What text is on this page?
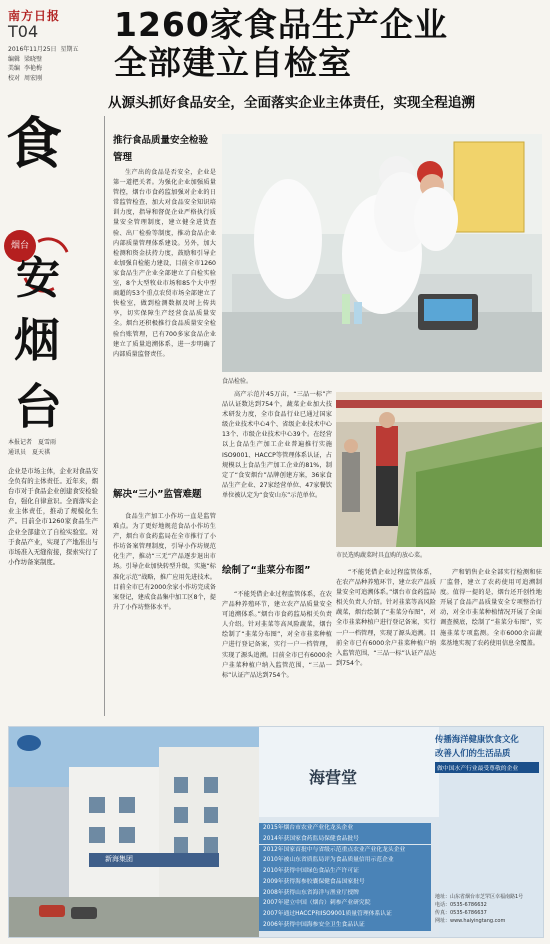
南方日报
T04
2016年11月25日 星期五
编辑 梁晓璧
美编 李艳梅
校对 周宏刚
食
烟台
安
烟
台
本报记者 夏雪雨
通讯员 夏天祺
企业是市场主体，企业对食品安全负有的主体责任。近年来，烟台市对于食品企业创建食安检验台，强化自律意识。全面落实企业主体责任，推动了规模化生产。目前全市1260家食品生产企业全部建立了自检实验室。对于食品产业，实现了产地准出与市场准入无缝衔接，探索实行了小作坊备案制度。
1260家食品生产企业
全部建立自检室
从源头抓好食品安全，全面落实企业主体责任，实现全程追溯
推行食品质量安全检验管理

生产出的食品是否安全，企业是第一道把关者。为强化企业加强质量管控，烟台市食药监加强对企业的日常监管检查，加大对食品安全知识培训力度，指导和督促企业严格执行质量安全管理制度，建立健全进货查验、出厂检验等制度，推动食品企业内部质量管理体系建设。另外，加大检测和资金扶持力度，鼓励和引导企业加强自检能力建设，目前全市1260家食品生产企业全部建立了自检实验室，8个大型牧业市场和85个大中型商超的53个重点农贸市场全部建立了快检室，做到检测数据及时上传共享，切实保障生产经营食品质量安全。烟台还积极推行食品质量安全检验台账管理，已有700多家食品企业建立了质量追溯体系，进一步明确了内部质量监督责任。

解决“三小”监管难题

食品生产加工小作坊一直是监管难点。为了更好地规范食品小作坊生产，烟台市食药监局在全市推行了小作坊备案管理制度，引导小作坊规范化生产，推动“三无”产品逐步退出市场。引导企业加快转型升级，实施“标准化示范”战略，推广应用先进技术。目前全市已有2000余家小作坊完成备案登记，建成食品集中加工区8个，提升了小作坊整体水平。

食品检验。

高产示范片45万亩，“三品一标”产品认证数达到754个，蔬菜企业加大技术研发力度，全市食品行业已通过国家级企业技术中心4个、省级企业技术中心13个、市级企业技术中心39个。在经营以上食品生产加工企业普遍推行实施ISO9001、HACCP等管理体系认证，占规模以上食品生产加工企业的81%，制定了“食安烟台”品牌创建方案，36家食品生产企业、27家经营单位、47家餐饮单位被认定为“食安山东”示范单位。

市民选购蔬菜时具直购的放心菜。
绘制了“韭菜分布图”

“不能凭借企业过程监管体系，在农产品种养殖环节，建立农产品质量安全可追溯体系。”烟台市食药监局相关负责人介绍。针对韭菜等高风险蔬菜，烟台绘制了“韭菜分布图”，对全市韭菜种植户进行登记备案，实行一户一档管理，实现了源头追溯。目前全市已有6000余户韭菜种植户纳入监管范围，“三品一标”认证产品达到754个。

“不能凭借企业过程监管体系，在农产品种养殖环节，建立农产品质量安全可追溯体系。”烟台市食药监局相关负责人介绍。针对韭菜等高风险蔬菜，烟台绘制了“韭菜分布图”，对全市韭菜种植户进行登记备案，实行一户一档管理，实现了源头追溯。目前全市已有6000余户韭菜种植户纳入监管范围，“三品一标”认证产品达到754个。

产和销售企业全部实行检测和驻厂监督，建立了农药使用可追溯制度。值得一提的是，烟台还开创性地开展了食品产品质量安全专项整治行动，对全市韭菜种植情况开展了全面调查摸底，绘制了“韭菜分布图”，实施韭菜专项监测。全市6000余亩蔬菜基地实现了农药使用信息全覆盖。

新海集团
海营堂
2015年烟台市农业产业化龙头企业
2014年获国家食药监局保健食品批号
2012年国家首批中与省级示范重点农业产业化龙头企业
2010年被山东省质监局评为食品质量信用示范企业
2010年获得中国绿色食品生产许可证
2009年获得海参胶囊保健食品国家批号
2008年获得山东省海洋与渔业厅授牌
2007年建立中国（烟台）刺参产业研究院
2007年通过HACCP和ISO9001质量管理体系认证
2006年获得中国海参安全卫生食品认证
传播海洋健康饮食文化
改善人们的生活品质
做中国水产行业最受尊敬的企业
地址：山东省烟台市芝罘区幸福南路1号
电话：0535-6786632
传真：0535-6786637
网址：www.haiyingtang.com
